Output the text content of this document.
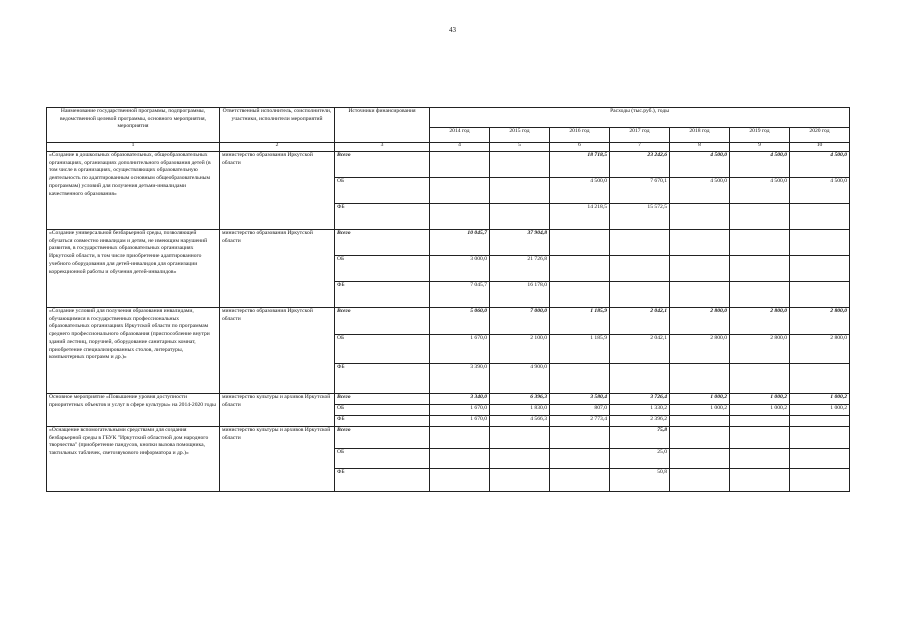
43
Наименование государственной программы, подпрограммы, ведомственной целевой программы, основного мероприятия, мероприятия	Ответственный исполнитель, соисполнители, участники, исполнители мероприятий	Источники финансирования	Расходы (тыс.руб.), годы						
			2014 год	2015 год	2016 год	2017 год	2018 год	2019 год	2020 год
1	2	3	4	5	6	7	8	9	10
«Создание в дошкольных образовательных, общеобразовательных организациях, организациях дополнительного образования детей (в том числе в организациях, осуществляющих образовательную деятельность по адаптированным основным общеобразовательным программам) условий для получения детьми-инвалидами качественного образования»	министерство образования Иркутской области	Всего			18 718,5	23 242,6	4 500,0	4 500,0	4 500,0
		ОБ			4 500,0	7 670,1	4 500,0	4 500,0	4 500,0
		ФБ			14 218,5	15 572,5			
«Создание универсальной безбарьерной среды, позволяющей обучаться совместно инвалидам и детям, не имеющим нарушений развития, в государственных образовательных организациях Иркутской области, в том числе приобретение адаптированного учебного оборудования для детей-инвалидов для организации коррекционной работы и обучения детей-инвалидов»	министерство образования Иркутской области	Всего	10 045,7	37 904,8					
		ОБ	3 000,0	21 726,8					
		ФБ	7 045,7	16 178,0					
«Создание условий для получения образования инвалидами, обучающимися в государственных профессиональных образовательных организациях Иркутской области по программам среднего профессионального образования (приспособление внутри зданий лестниц, поручней, оборудование санитарных комнат, приобретение специализированных столов, литературы, компьютерных программ и др.)»	министерство образования Иркутской области	Всего	5 060,0	7 000,0	1 185,9	2 042,1	2 800,0	2 800,0	2 800,0
		ОБ	1 670,0	2 100,0	1 185,9	2 042,1	2 800,0	2 800,0	2 800,0
		ФБ	3 390,0	4 900,0					
Основное мероприятие «Повышение уровня доступности приоритетных объектов и услуг в сфере культуры» на 2014-2020 годы	министерство культуры и архивов Иркутской области	Всего	3 340,0	6 396,3	3 580,4	3 726,4	1 000,2	1 000,2	1 000,2
		ОБ	1 670,0	1 830,0	807,0	1 330,2	1 000,2	1 000,2	1 000,2
		ФБ	1 670,0	4 566,3	2 773,4	2 396,2			
«Оснащение вспомогательными средствами для создания безбарьерной среды в ГБУК "Иркутский областной дом народного творчества" (приобретение пандусов, кнопки вызова помощника, тактильных табличек, светозвукового информатора и др.)»	министерство культуры и архивов Иркутской области	Всего				75,8			
		ОБ				25,0			
		ФБ				50,8			
